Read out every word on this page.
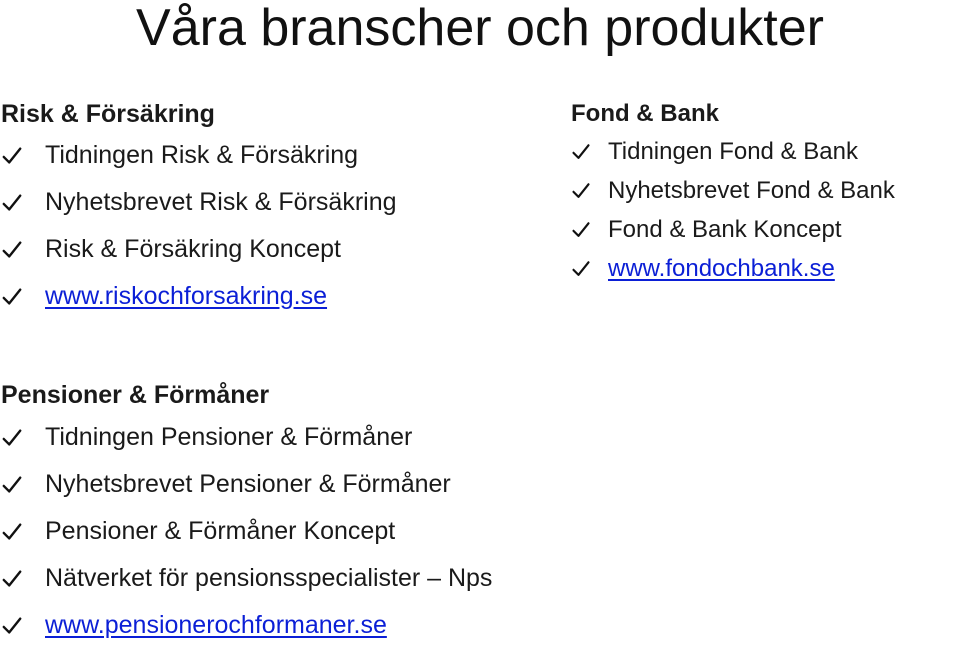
Våra branscher och produkter
Risk & Försäkring
Tidningen Risk & Försäkring
Nyhetsbrevet Risk & Försäkring
Risk & Försäkring Koncept
www.riskochforsakring.se
Fond & Bank
Tidningen Fond & Bank
Nyhetsbrevet Fond & Bank
Fond & Bank Koncept
www.fondochbank.se
Pensioner & Förmåner
Tidningen Pensioner & Förmåner
Nyhetsbrevet Pensioner & Förmåner
Pensioner & Förmåner Koncept
Nätverket för pensionsspecialister – Nps
www.pensionerochformaner.se
